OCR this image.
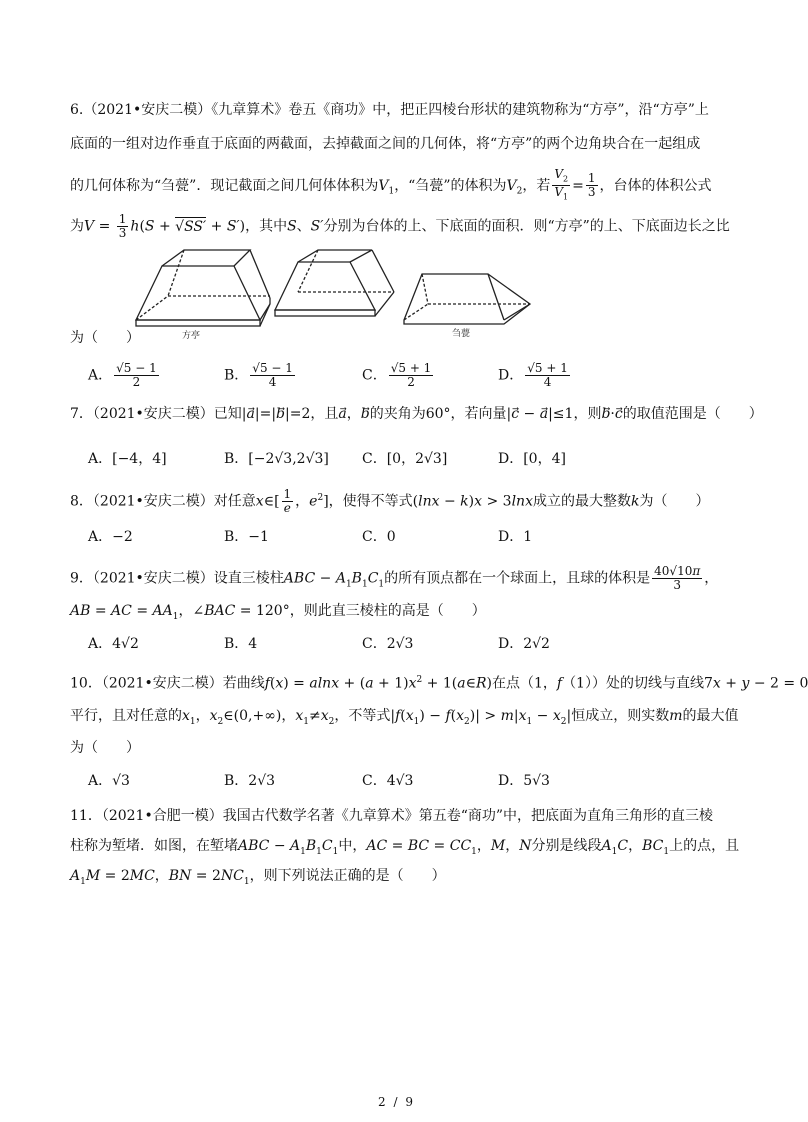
6.（2021•安庆二模）《九章算术》卷五《商功》中，把正四棱台形状的建筑物称为“方亭”，沿“方亭”上
底面的一组对边作垂直于底面的两截面，去掉截面之间的几何体，将“方亭”的两个边角块合在一起组成
的几何体称为“刍甍”．现记截面之间几何体体积为$V_1$，“刍甍”的体积为$V_2$，若 $\frac{V_2}{V_1} = \frac{1}{3}$ ，台体的体积公式
为$V = \frac{1}{3} h(S + √SS' + S')$，其中S、S′分别为台体的上、下底面的面积．则“方亭”的上、下底面边长之比
方亭	刍甍
为（　　）
A． $\frac{√5 - 1}{2}$	B． $\frac{√5 - 1}{4}$	C． $\frac{√5 + 1}{2}$	D． $\frac{√5 + 1}{4}$
7．（2021•安庆二模）已知|a⃗|=|b⃗|=2，且a⃗，b的夹角为60°，若向量|c⃗ − a⃗|≤1，则b⃗·c的取值范围是（　　）
A．[−4，4]	B．[−2√3,2√3] C．[0，2√3]	D．[0，4]
8．（2021•安庆二模）对任意x∈[ $\frac{1}{e}$ ，$e^2$]，使得不等式(lnx − k)x > 3lnx成立的最大整数k为（　　）
A．−2	B．−1	C．0	D．1
9．（2021•安庆二模）设直三棱柱ABC − $A_1B_1C_1$的所有顶点都在一个球面上，且球的体积是 $\frac{40√10\pi}{3}$ ，
AB = AC = $AA_1$，∠BAC = 120°，则此直三棱柱的高是（　　）
A．4√2	B．4	C．2√3	D．2√2
10．（2021•安庆二模）若曲线$f(x) = alnx + (a + 1)x^2$ + 1(a∈R)在点（1，f（1））处的切线与直线7x + y − 2 = 0
平行，且对任意的$x_1$，$x_2\in(0,+\infty)$，$x_1\ne x_2$，不等式$|f(x_1) - f(x_2)| > m|x_1 - x_2|$恒成立，则实数m的最大值
为（　　）
A．√3	B．2√3	C．4√3	D．5√3
11．（2021•合肥一模）我国古代数学名著《九章算术》第五卷“商功”中，把底面为直角三角形的直三棱
柱称为堑堵．如图，在堑堵ABC − $A_1B_1C_1$中，AC = BC = $CC_1$，M，N分别是线段$A_1C$，$BC_1$上的点，且
$A_1M = 2MC$，BN = $2NC_1$，则下列说法正确的是（　　）
2 / 9
